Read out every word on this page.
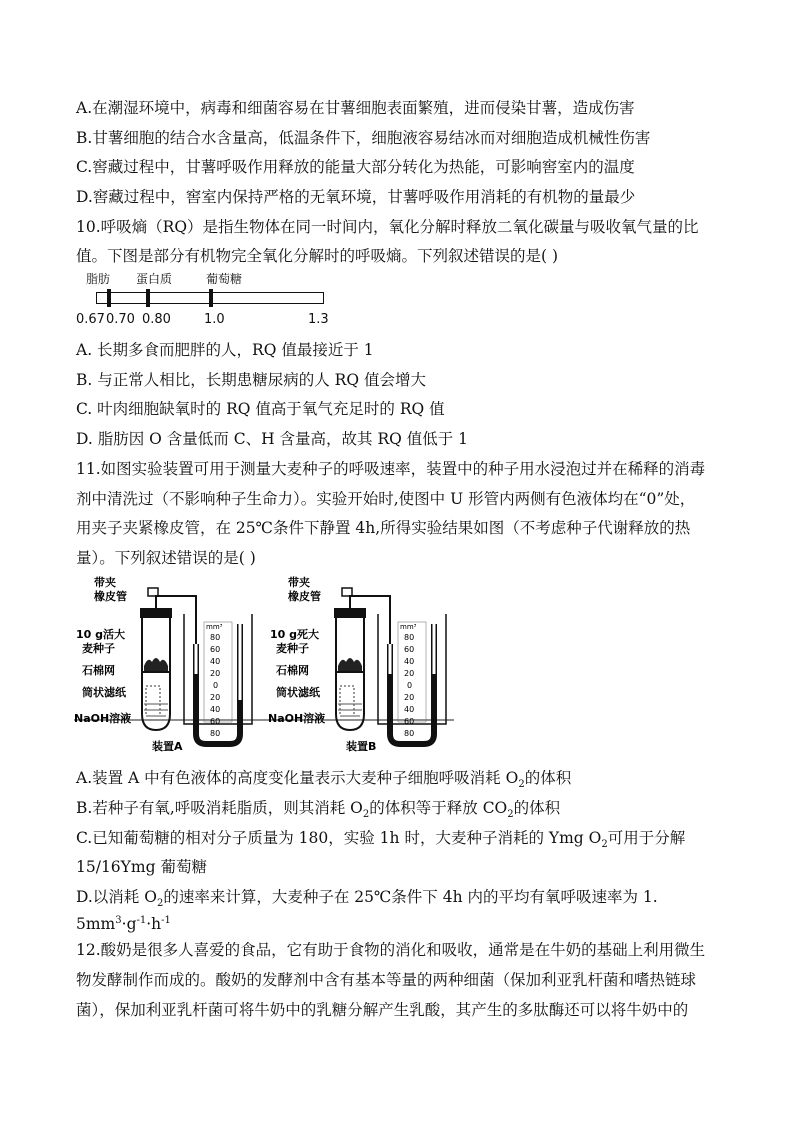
A.在潮湿环境中，病毒和细菌容易在甘薯细胞表面繁殖，进而侵染甘薯，造成伤害
B.甘薯细胞的结合水含量高，低温条件下，细胞液容易结冰而对细胞造成机械性伤害
C.窖藏过程中，甘薯呼吸作用释放的能量大部分转化为热能，可影响窖室内的温度
D.窖藏过程中，窖室内保持严格的无氧环境，甘薯呼吸作用消耗的有机物的量最少
10.呼吸熵（RQ）是指生物体在同一时间内，氧化分解时释放二氧化碳量与吸收氧气量的比
值。下图是部分有机物完全氧化分解时的呼吸熵。下列叙述错误的是( )
脂肪 蛋白质	葡萄糖
0.67 0.70 0.80	1.0	1.3
A. 长期多食而肥胖的人，RQ 值最接近于 1
B. 与正常人相比，长期患糖尿病的人 RQ 值会增大
C. 叶肉细胞缺氧时的 RQ 值高于氧气充足时的 RQ 值
D. 脂肪因 O 含量低而 C、H 含量高，故其 RQ 值低于 1
11.如图实验装置可用于测量大麦种子的呼吸速率，装置中的种子用水浸泡过并在稀释的消毒
剂中清洗过（不影响种子生命力）。实验开始时,使图中 U 形管内两侧有色液体均在“0”处，
用夹子夹紧橡皮管，在 25℃条件下静置 4h,所得实验结果如图（不考虑种子代谢释放的热
量）。下列叙述错误的是( )
带夹
橡皮管
10 g活大
麦种子
石棉网
筒状滤纸
NaOH溶液
装置A
mm³
80
60
40
20
0
20
40
60
80
带夹
橡皮管
10 g死大
麦种子
石棉网
筒状滤纸
NaOH溶液
装置B
mm³
80
60
40
20
0
20
40
60
80
A.装置 A 中有色液体的高度变化量表示大麦种子细胞呼吸消耗 $O_2$的体积
B.若种子有氧,呼吸消耗脂质，则其消耗 $O_2$的体积等于释放 $CO_2$的体积
C.已知葡萄糖的相对分子质量为 180，实验 1h 时，大麦种子消耗的 Ymg $O_2$可用于分解
15/16Ymg 葡萄糖
D.以消耗 $O_2$的速率来计算，大麦种子在 25℃条件下 4h 内的平均有氧呼吸速率为 1.
$5mm^3\cdot g^{-1}\cdot h^{-1}$
12.酸奶是很多人喜爱的食品，它有助于食物的消化和吸收，通常是在牛奶的基础上利用微生
物发酵制作而成的。酸奶的发酵剂中含有基本等量的两种细菌（保加利亚乳杆菌和嗜热链球
菌），保加利亚乳杆菌可将牛奶中的乳糖分解产生乳酸，其产生的多肽酶还可以将牛奶中的
